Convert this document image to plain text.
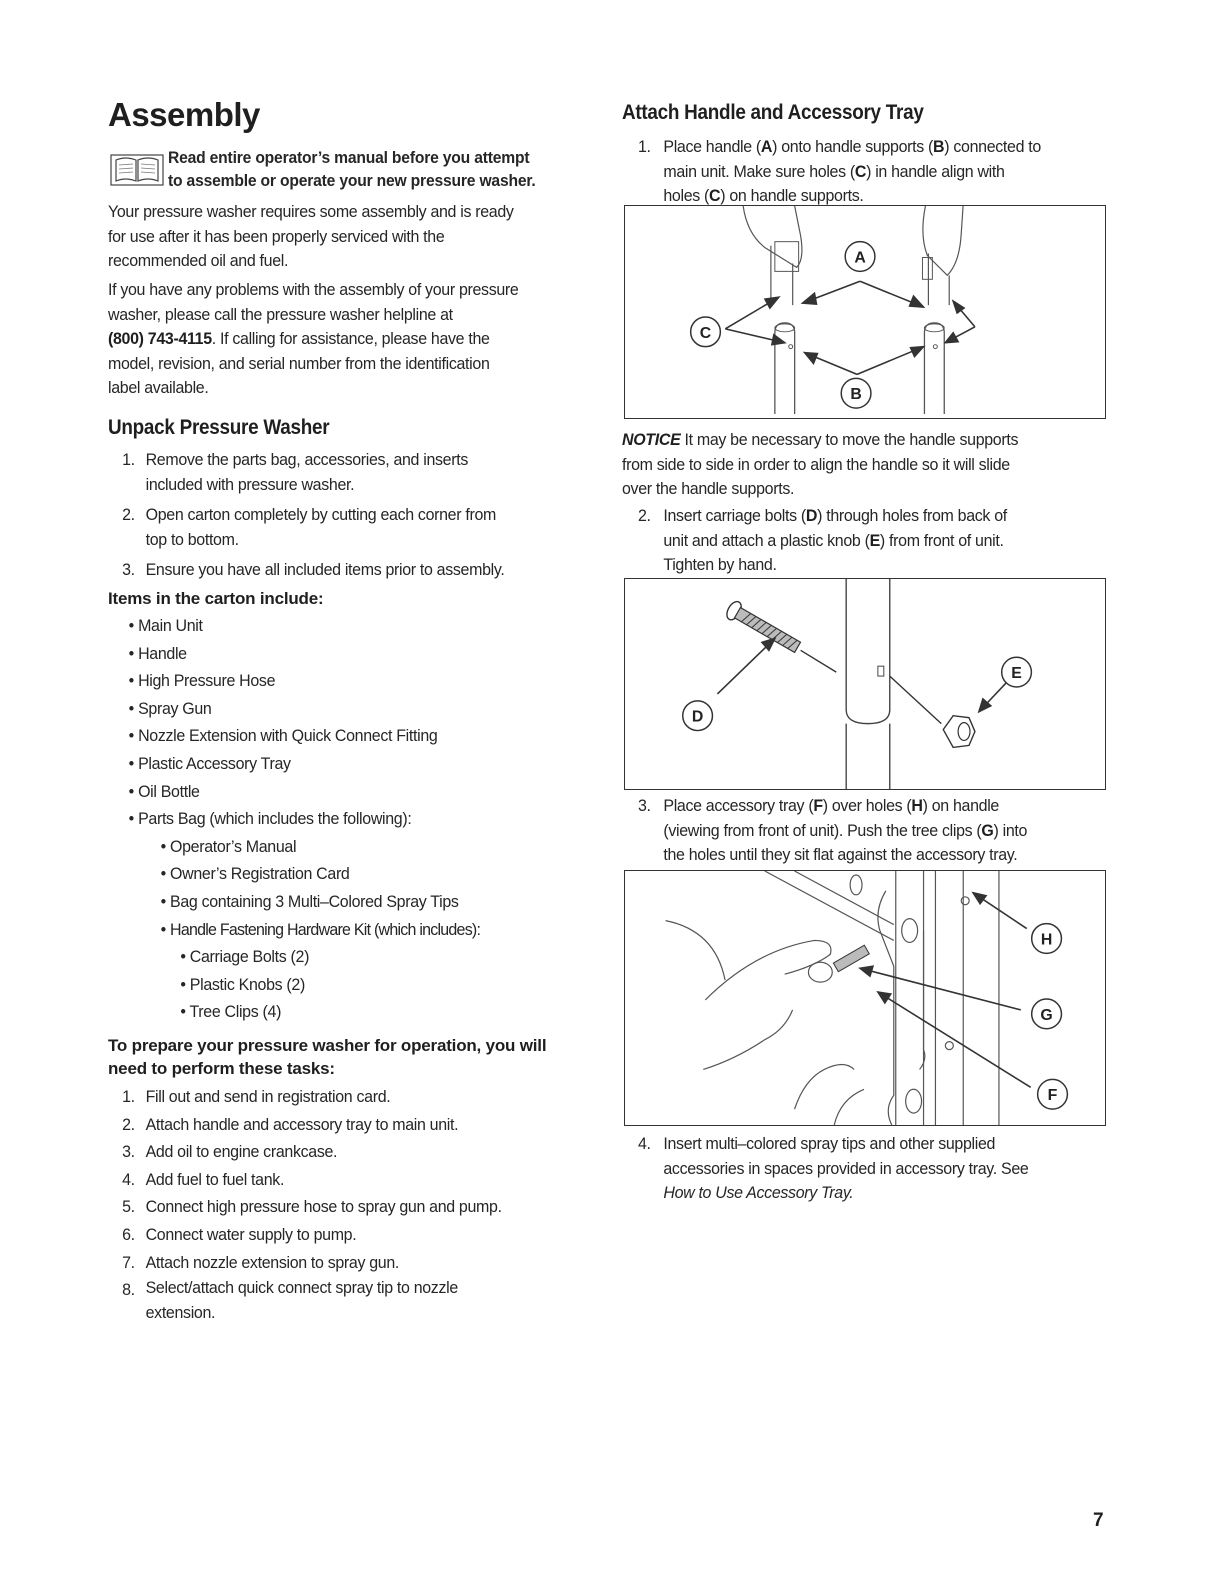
Assembly
Read entire operator’s manual before you attempt
to assemble or operate your new pressure washer.
Your pressure washer requires some assembly and is ready
for use after it has been properly serviced with the
recommended oil and fuel.
If you have any problems with the assembly of your pressure
washer, please call the pressure washer helpline at
(800) 743-4115. If calling for assistance, please have the
model, revision, and serial number from the identification
label available.
Unpack Pressure Washer
1. Remove the parts bag, accessories, and inserts
included with pressure washer.
2. Open carton completely by cutting each corner from
top to bottom.
3. Ensure you have all included items prior to assembly.
Items in the carton include:
• Main Unit
• Handle
• High Pressure Hose
• Spray Gun
• Nozzle Extension with Quick Connect Fitting
• Plastic Accessory Tray
• Oil Bottle
• Parts Bag (which includes the following):
• Operator’s Manual
• Owner’s Registration Card
• Bag containing 3 Multi–Colored Spray Tips
• Handle Fastening Hardware Kit (which includes):
• Carriage Bolts (2)
• Plastic Knobs (2)
• Tree Clips (4)
To prepare your pressure washer for operation, you will
need to perform these tasks:
1. Fill out and send in registration card.
2. Attach handle and accessory tray to main unit.
3. Add oil to engine crankcase.
4. Add fuel to fuel tank.
5. Connect high pressure hose to spray gun and pump.
6. Connect water supply to pump.
7. Attach nozzle extension to spray gun.
8. Select/attach quick connect spray tip to nozzle
extension.
Attach Handle and Accessory Tray
1. Place handle (A) onto handle supports (B) connected to
main unit. Make sure holes (C) in handle align with
holes (C) on handle supports.
A
C
B
NOTICE It may be necessary to move the handle supports
from side to side in order to align the handle so it will slide
over the handle supports.
2. Insert carriage bolts (D) through holes from back of
unit and attach a plastic knob (E) from front of unit.
Tighten by hand.
D
E
3. Place accessory tray (F) over holes (H) on handle
(viewing from front of unit). Push the tree clips (G) into
the holes until they sit flat against the accessory tray.
H
G
F
4. Insert multi–colored spray tips and other supplied
accessories in spaces provided in accessory tray. See
How to Use Accessory Tray.
7
